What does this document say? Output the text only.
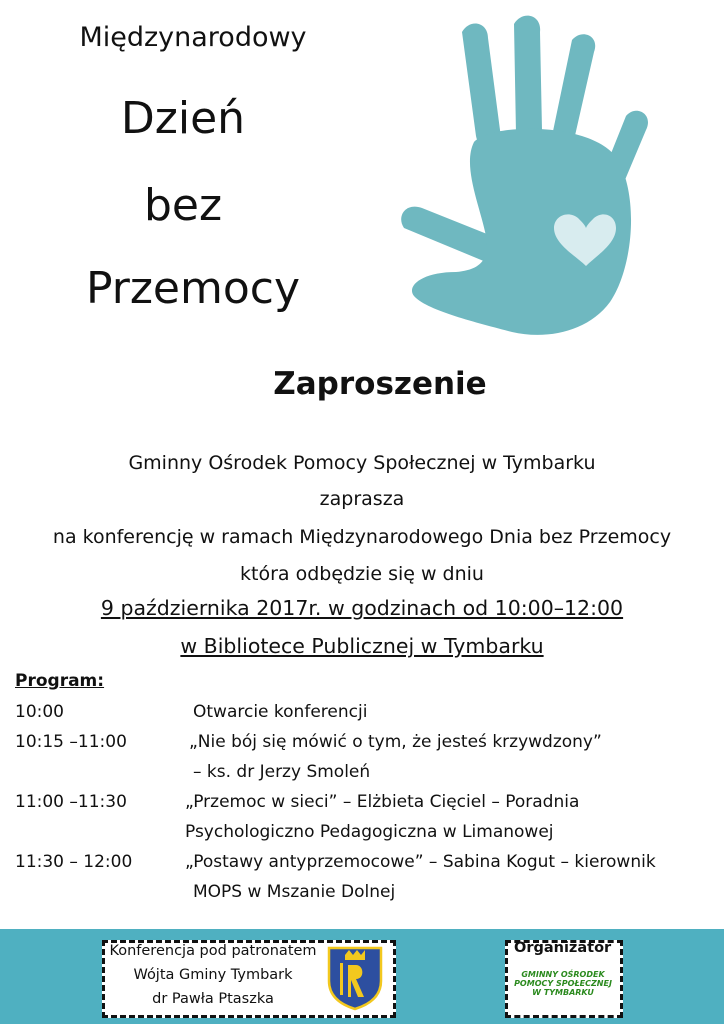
Międzynarodowy
Dzień
bez
Przemocy
Zaproszenie
Gminny Ośrodek Pomocy Społecznej w Tymbarku
zaprasza
na konferencję w ramach Międzynarodowego Dnia bez Przemocy
która odbędzie się w dniu
9 października 2017r. w godzinach od 10:00–12:00
w Bibliotece Publicznej w Tymbarku
Program:
10:00	Otwarcie konferencji
10:15 –11:00	„Nie bój się mówić o tym, że jesteś krzywdzony”
– ks. dr Jerzy Smoleń
11:00 –11:30	„Przemoc w sieci” – Elżbieta Cięciel – Poradnia
Psychologiczno Pedagogiczna w Limanowej
11:30 – 12:00	„Postawy antyprzemocowe” – Sabina Kogut – kierownik
MOPS w Mszanie Dolnej
Konferencja pod patronatem
Wójta Gminy Tymbark
dr Pawła Ptaszka
Organizator
GMINNY OŚRODEK
POMOCY SPOŁECZNEJ
W TYMBARKU
